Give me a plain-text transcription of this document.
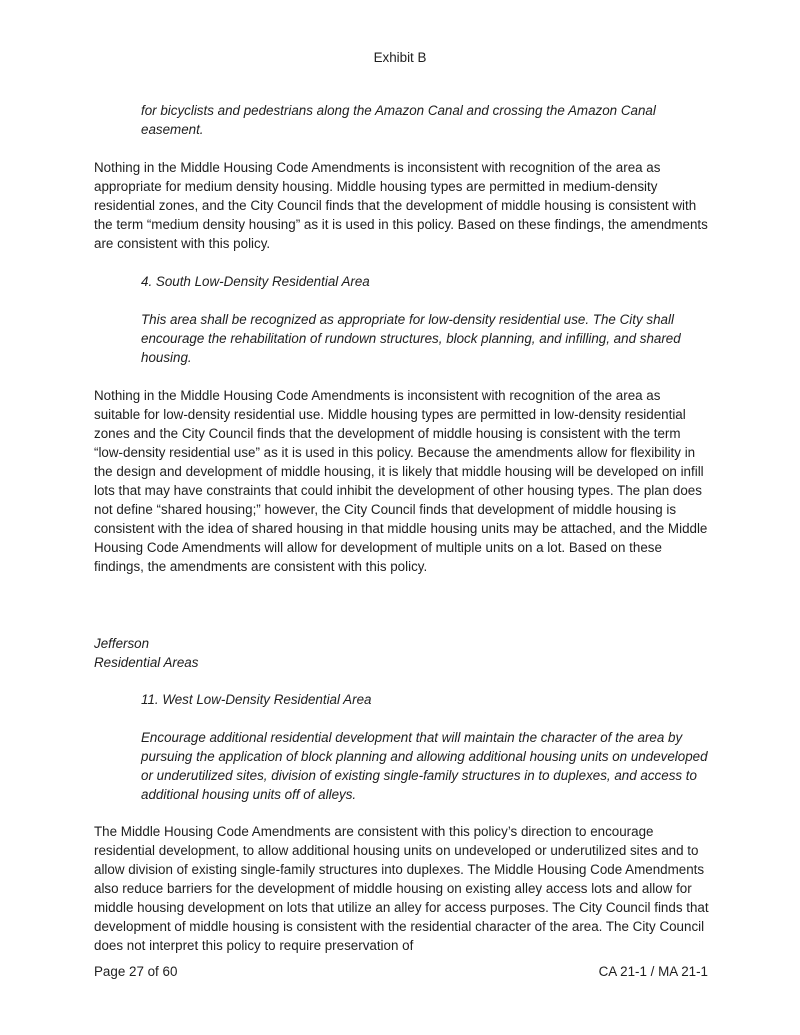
Exhibit B

for bicyclists and pedestrians along the Amazon Canal and crossing the Amazon Canal easement.

Nothing in the Middle Housing Code Amendments is inconsistent with recognition of the area as appropriate for medium density housing. Middle housing types are permitted in medium-density residential zones, and the City Council finds that the development of middle housing is consistent with the term “medium density housing” as it is used in this policy. Based on these findings, the amendments are consistent with this policy.

4. South Low-Density Residential Area

This area shall be recognized as appropriate for low-density residential use. The City shall encourage the rehabilitation of rundown structures, block planning, and infilling, and shared housing.

Nothing in the Middle Housing Code Amendments is inconsistent with recognition of the area as suitable for low-density residential use. Middle housing types are permitted in low-density residential zones and the City Council finds that the development of middle housing is consistent with the term “low-density residential use” as it is used in this policy. Because the amendments allow for flexibility in the design and development of middle housing, it is likely that middle housing will be developed on infill lots that may have constraints that could inhibit the development of other housing types. The plan does not define “shared housing;” however, the City Council finds that development of middle housing is consistent with the idea of shared housing in that middle housing units may be attached, and the Middle Housing Code Amendments will allow for development of multiple units on a lot. Based on these findings, the amendments are consistent with this policy.

Jefferson

Residential Areas

11. West Low-Density Residential Area

Encourage additional residential development that will maintain the character of the area by pursuing the application of block planning and allowing additional housing units on undeveloped or underutilized sites, division of existing single-family structures in to duplexes, and access to additional housing units off of alleys.

The Middle Housing Code Amendments are consistent with this policy’s direction to encourage residential development, to allow additional housing units on undeveloped or underutilized sites and to allow division of existing single-family structures into duplexes. The Middle Housing Code Amendments also reduce barriers for the development of middle housing on existing alley access lots and allow for middle housing development on lots that utilize an alley for access purposes. The City Council finds that development of middle housing is consistent with the residential character of the area. The City Council does not interpret this policy to require preservation of

Page 27 of 60	CA 21-1 / MA 21-1
